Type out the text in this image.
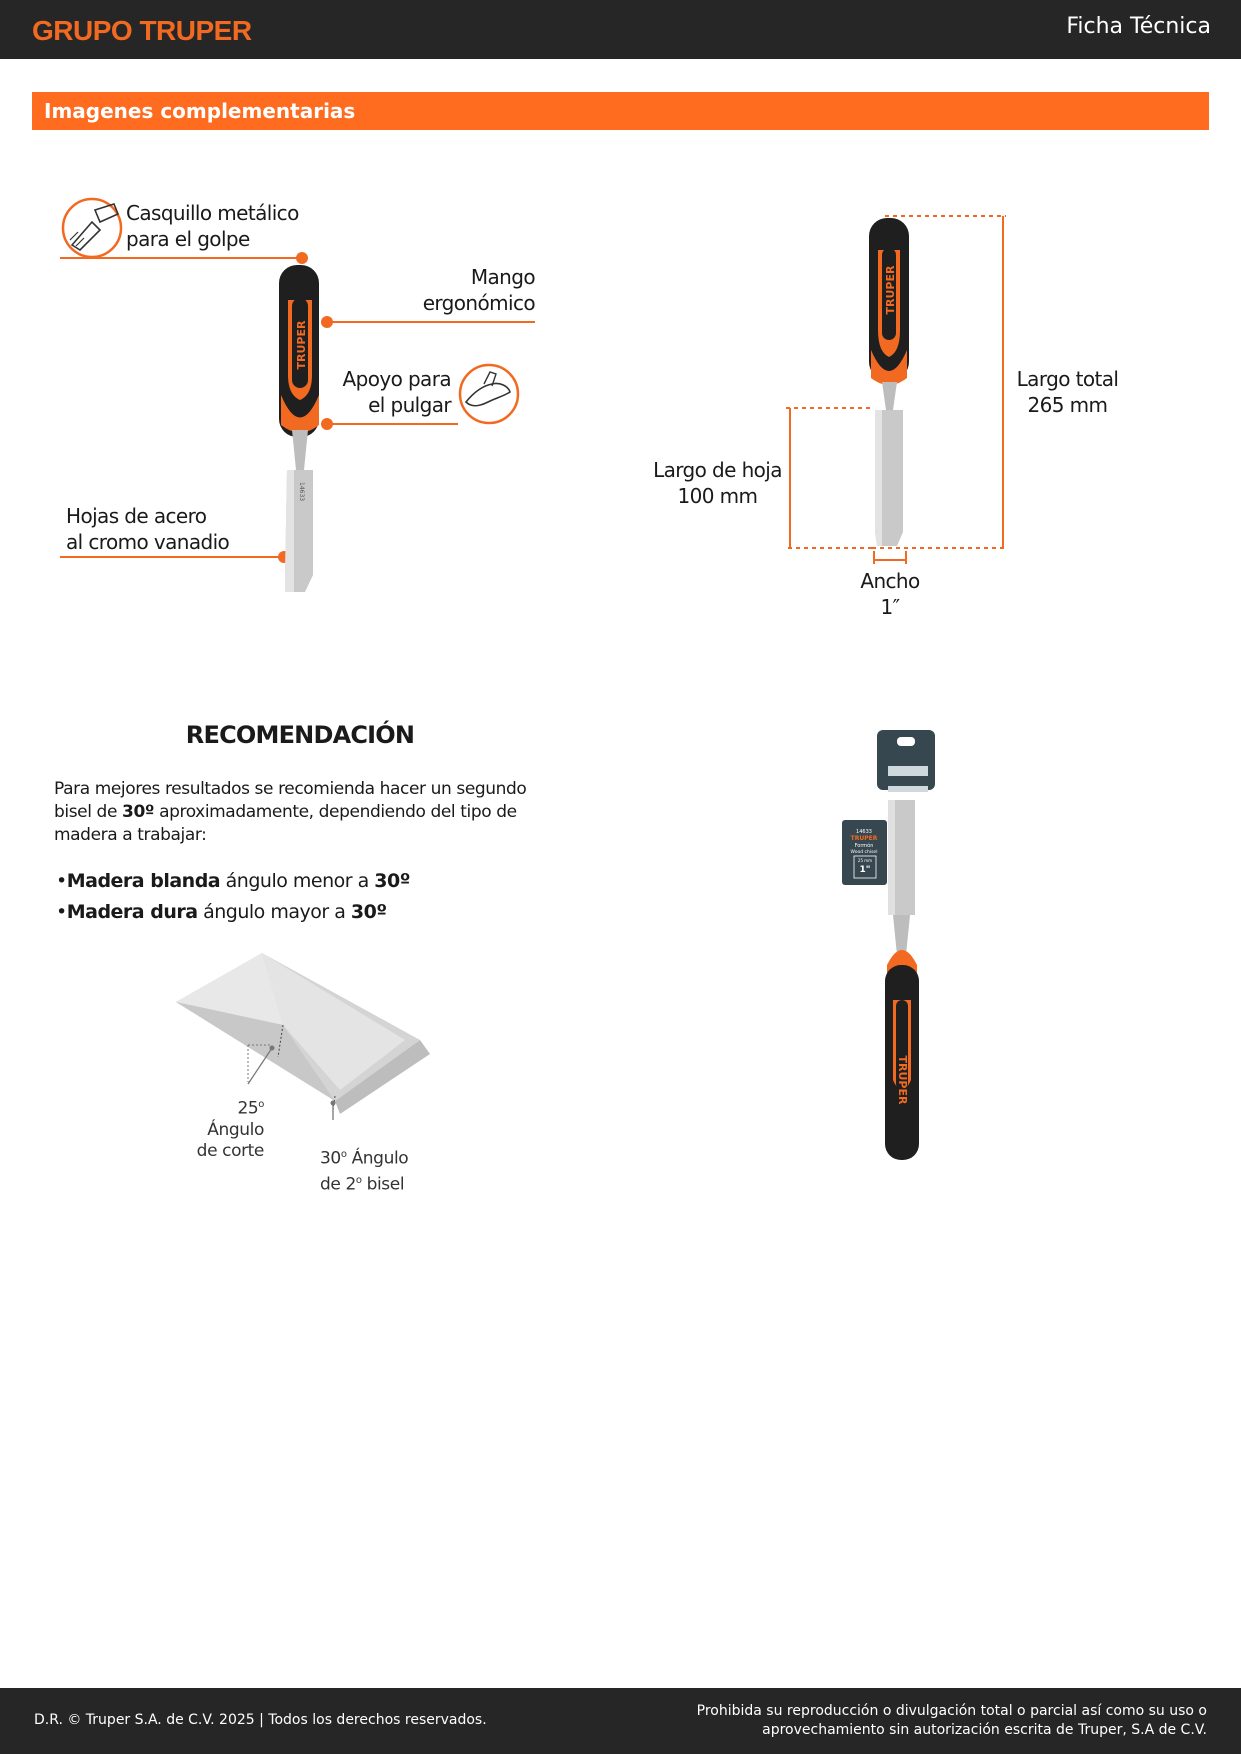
GRUPO TRUPER	Ficha Técnica
Imagenes complementarias
TRUPER
14633
Casquillo metálico
para el golpe
Mango
ergonómico
Apoyo para
el pulgar
Hojas de acero
al cromo vanadio
TRUPER
Largo total
265 mm
Largo de hoja
100 mm
Ancho
1″
RECOMENDACIÓN
Para mejores resultados se recomienda hacer un segundo bisel de 30º aproximadamente, dependiendo del tipo de madera a trabajar:
•Madera blanda ángulo menor a 30º
•Madera dura ángulo mayor a 30º
25$^o$ Ángulo
de corte	30$^o$ Ángulo
de 2$^o$ bisel
14633
TRUPER
Formón
Wood chisel
25 mm
1"
TRUPER
D.R. © Truper S.A. de C.V. 2025 | Todos los derechos reservados.
Prohibida su reproducción o divulgación total o parcial así como su uso o
aprovechamiento sin autorización escrita de Truper, S.A de C.V.
